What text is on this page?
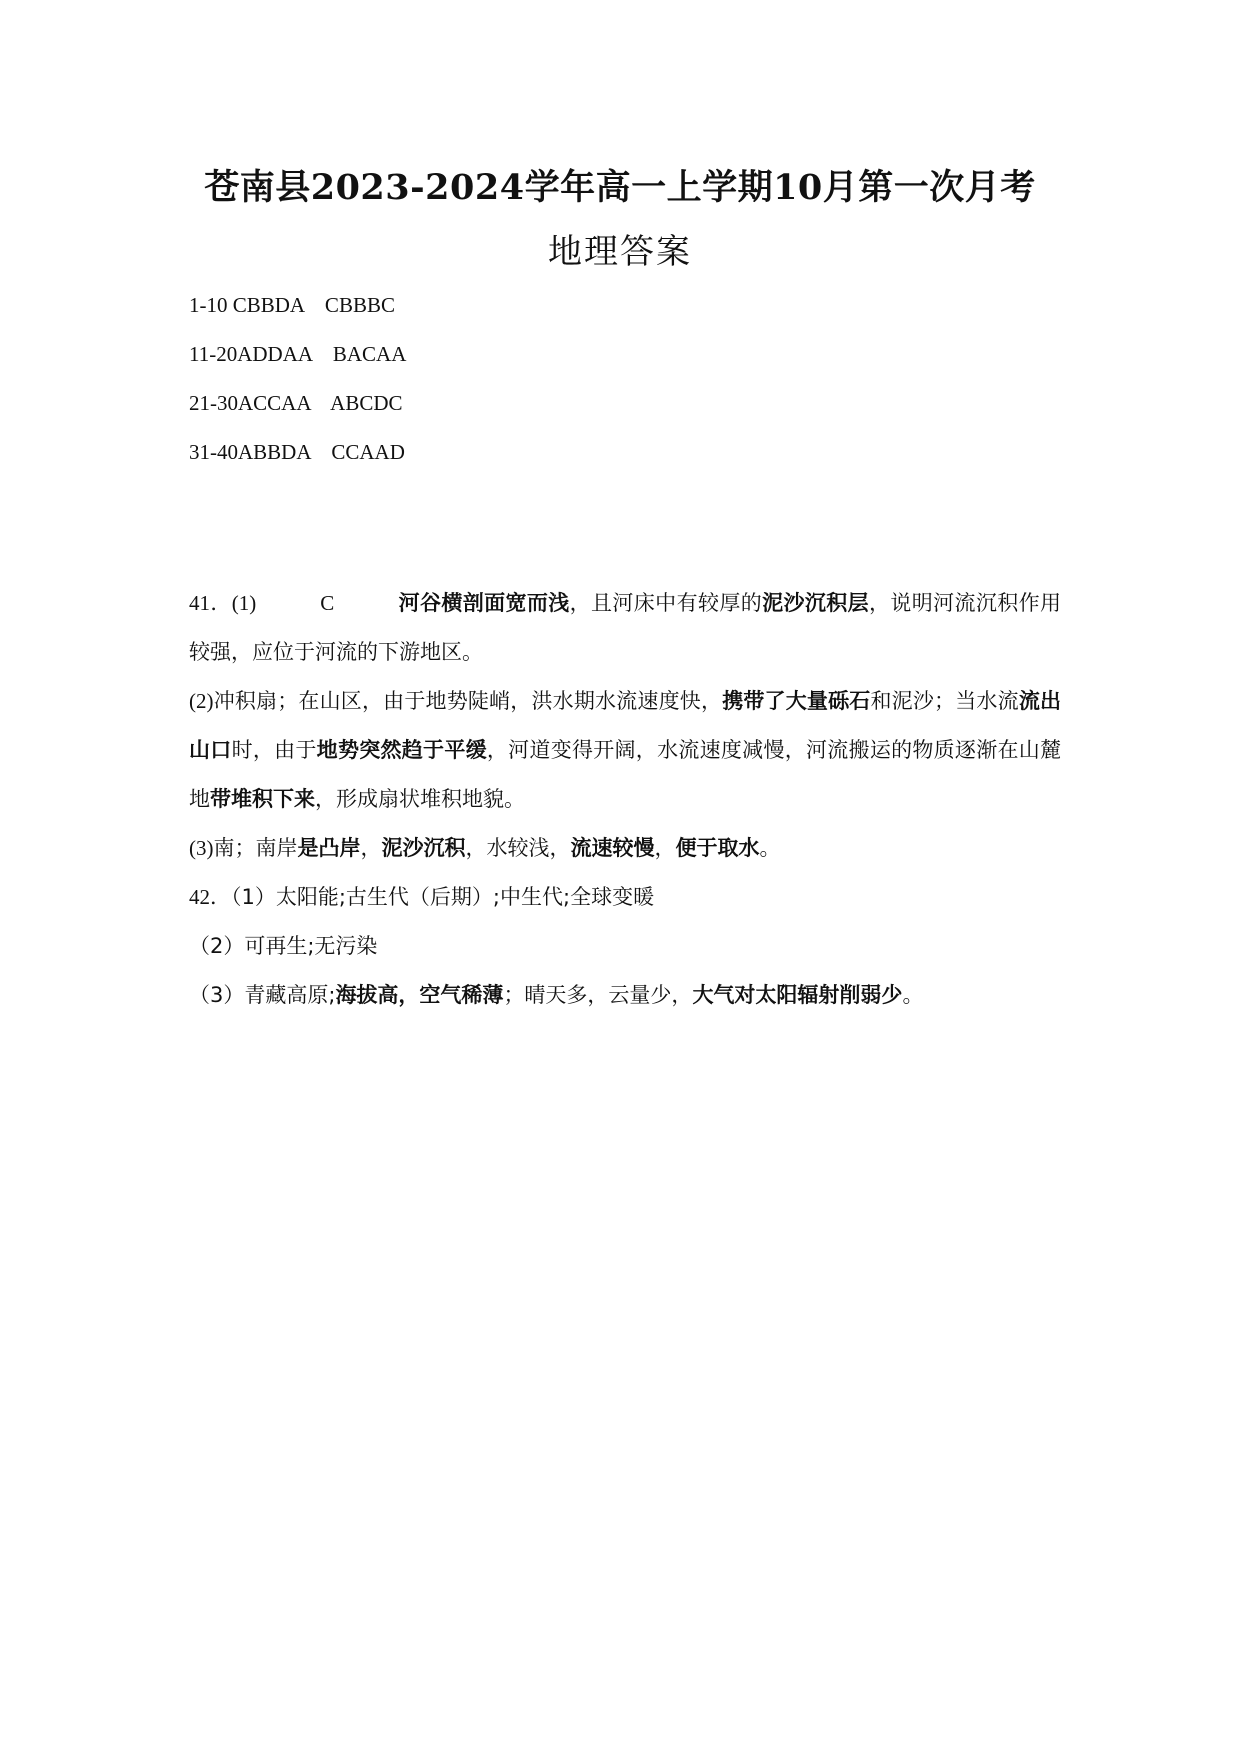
苍南县2023-2024学年高一上学期10月第一次月考
地理答案
1-10 CBBDA    CBBBC
11-20ADDAA    BACAA
21-30ACCAA    ABCDC
31-40ABBDA    CCAAD

41．(1)	C	河谷横剖面宽而浅，且河床中有较厚的泥沙沉积层，说明河流沉积作用较强，应位于河流的下游地区。

(2)冲积扇；在山区，由于地势陡峭，洪水期水流速度快，携带了大量砾石和泥沙；当水流流出山口时，由于地势突然趋于平缓，河道变得开阔，水流速度减慢，河流搬运的物质逐渐在山麓地带堆积下来，形成扇状堆积地貌。

(3)南；南岸是凸岸，泥沙沉积，水较浅，流速较慢，便于取水。

42．（1）太阳能;古生代（后期）;中生代;全球变暖

（2）可再生;无污染

（3）青藏高原;海拔高，空气稀薄；晴天多，云量少，大气对太阳辐射削弱少。
